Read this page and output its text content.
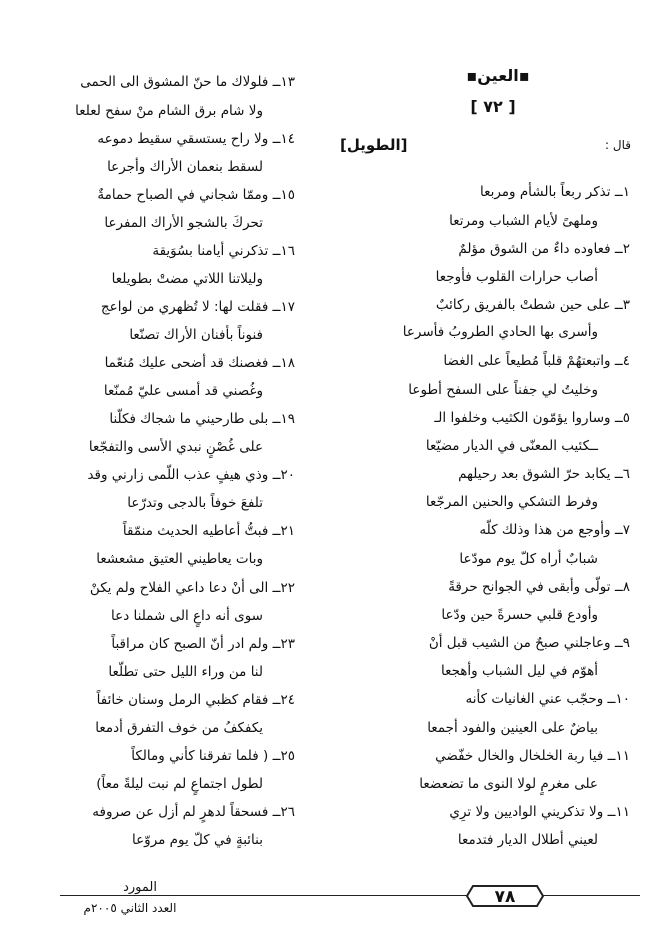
▪العين▪
[ ٧٢ ]
[الطويل]	قال :
١ــ تذكر ربعاً بالشأم ومربعا
وملهىً لأيام الشباب ومرتعا
٢ــ فعاوده داءٌ من الشوق مؤلمٌ
أصاب حرارات القلوب فأوجعا
٣ــ على حين شطتْ بالفريق ركائبٌ
وأسرى بها الحادي الطروبُ فأسرعا
٤ــ واتبعتهُمْ قلباً مُطيعاً على الغضا
وخليتُ لي جفناً على السفح أطوعا
٥ــ وساروا يؤمّون الكثيب وخلفوا الـ
ــكئيب المعنّى في الديار مضيّعا
٦ــ يكابد حرّ الشوق بعد رحيلهم
وفرط التشكي والحنين المرجّعا
٧ــ وأوجع من هذا وذلك كلّه
شبابٌ أراه كلّ يوم مودّعا
٨ــ تولّى وأبقى في الجوانح حرقةً
وأودع قلبي حسرةً حين ودّعا
٩ــ وعاجلني صبحٌ من الشيب قبل أنْ
أهوّم في ليل الشباب وأهجعا
١٠ــ وحجّب عني الغانيات كأنه
بياضٌ على العينين والفود أجمعا
١١ــ فيا ربة الخلخال والخال خفّضي
على مغرمٍ لولا النوى ما تضعضعا
١١ــ ولا تذكريني الواديين ولا ترِي
لعيني أطلال الديار فتدمعا
١٣ــ فلولاك ما حنّ المشوق الى الحمى
ولا شام برق الشام منْ سفح لعلعا
١٤ــ ولا راح يستسقي سقيط دموعه
لسقط بنعمان الأراك وأجرعا
١٥ــ وممّا شجاني في الصباح حمامةٌ
تحركَ بالشجو الأراك المفرعا
١٦ــ تذكرني أيامنا بسُوَيقة
وليلاتنا اللاتي مضتْ بطويلعا
١٧ــ فقلت لها: لا تُظهري من لواعج
فنوناً بأفنان الأراك تصنّعا
١٨ــ فغصنك قد أضحى عليك مُنعّما
وغُصني قد أمسى عليّ مُمنّعا
١٩ــ بلى طارحيني ما شجاك فكلّنا
على غُصْنٍ نبدي الأسى والتفجّعا
٢٠ــ وذي هيفٍ عذب اللّمى زارني وقد
تلفعَ خوفاً بالدجى وتدرّعا
٢١ــ فبتُّ أعاطيه الحديث منمّقاً
وبات يعاطيني العتيق مشعشعا
٢٢ــ الى أنْ دعا داعي الفلاح ولم يكنْ
سوى أنه داعٍ الى شملنا دعا
٢٣ــ ولم ادر أنّ الصبح كان مراقباً
لنا من وراء الليل حتى تطلّعا
٢٤ــ فقام كظبي الرمل وسنان خائفاً
يكفكفُ من خوف التفرق أدمعا
٢٥ــ ( فلما تفرقنا كأني ومالكاً
لطول اجتماعٍ لم نبت ليلةً معاً)
٢٦ــ فسحقاً لدهرٍ لم أزل عن صروفه
بنائبةٍ في كلّ يوم مروّعا
٧٨
المورد
العدد الثاني ٢٠٠٥م
